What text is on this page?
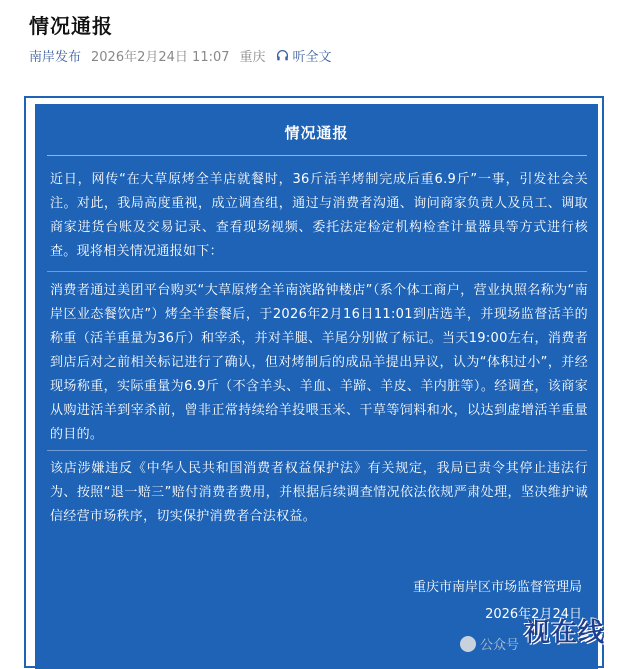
情况通报
南岸发布 2026年2月24日 11:07 重庆 听全文
情况通报
近日，网传“在大草原烤全羊店就餐时，36斤活羊烤制完成后重6.9斤”一事，引发社会关注。对此，我局高度重视，成立调查组，通过与消费者沟通、询问商家负责人及员工、调取商家进货台账及交易记录、查看现场视频、委托法定检定机构检查计量器具等方式进行核查。现将相关情况通报如下：
消费者通过美团平台购买“大草原烤全羊南滨路钟楼店”（系个体工商户，营业执照名称为“南岸区业态餐饮店”）烤全羊套餐后，于2026年2月16日11:01到店选羊，并现场监督活羊的称重（活羊重量为36斤）和宰杀，并对羊腿、羊尾分别做了标记。当天19:00左右，消费者到店后对之前相关标记进行了确认，但对烤制后的成品羊提出异议，认为“体积过小”，并经现场称重，实际重量为6.9斤（不含羊头、羊血、羊蹄、羊皮、羊内脏等）。经调查，该商家从购进活羊到宰杀前，曾非正常持续给羊投喂玉米、干草等饲料和水，以达到虚增活羊重量的目的。
该店涉嫌违反《中华人民共和国消费者权益保护法》有关规定，我局已责令其停止违法行为、按照“退一赔三”赔付消费者费用，并根据后续调查情况依法依规严肃处理，坚决维护诚信经营市场秩序，切实保护消费者合法权益。
重庆市南岸区市场监督管理局
2026年2月24日
公众号 视在线
